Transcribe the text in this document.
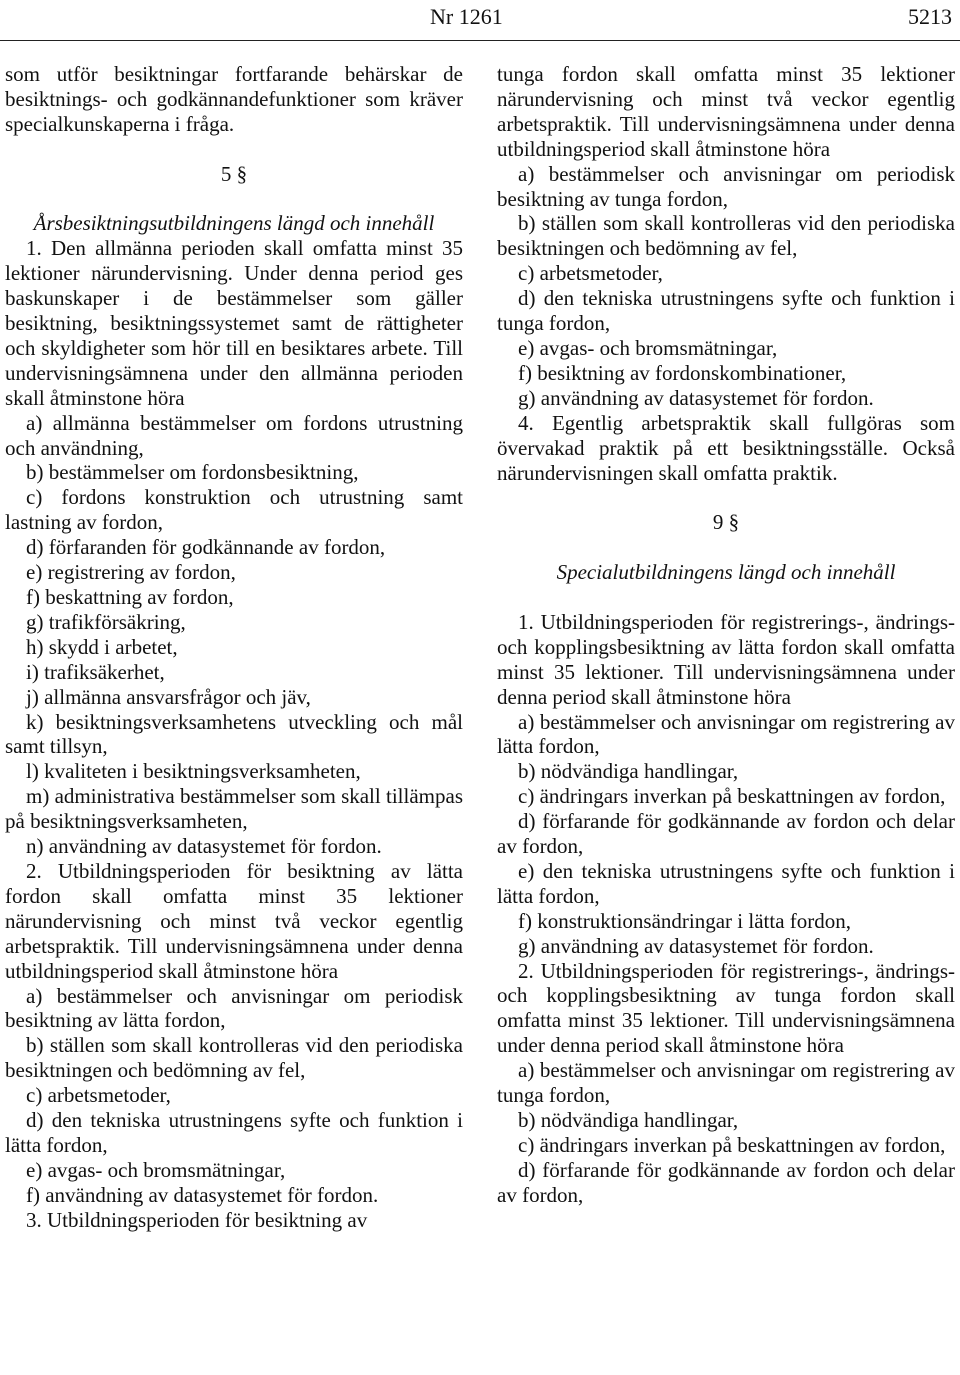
Nr 1261	5213

som utför besiktningar fortfarande behärskar de besiktnings- och godkännandefunktioner som kräver specialkunskaperna i fråga.

5 §

Årsbesiktningsutbildningens längd och innehåll

1. Den allmänna perioden skall omfatta minst 35 lektioner närundervisning. Under denna period ges baskunskaper i de bestämmelser som gäller besiktning, besiktningssystemet samt de rättigheter och skyldigheter som hör till en besiktares arbete. Till undervisningsämnena under den allmänna perioden skall åtminstone höra

a) allmänna bestämmelser om fordons utrustning och användning,

b) bestämmelser om fordonsbesiktning,

c) fordons konstruktion och utrustning samt lastning av fordon,

d) förfaranden för godkännande av fordon,

e) registrering av fordon,

f) beskattning av fordon,

g) trafikförsäkring,

h) skydd i arbetet,

i) trafiksäkerhet,

j) allmänna ansvarsfrågor och jäv,

k) besiktningsverksamhetens utveckling och mål samt tillsyn,

l) kvaliteten i besiktningsverksamheten,

m) administrativa bestämmelser som skall tillämpas på besiktningsverksamheten,

n) användning av datasystemet för fordon.

2. Utbildningsperioden för besiktning av lätta fordon skall omfatta minst 35 lektioner närundervisning och minst två veckor egentlig arbetspraktik. Till undervisningsämnena under denna utbildningsperiod skall åtminstone höra

a) bestämmelser och anvisningar om periodisk besiktning av lätta fordon,

b) ställen som skall kontrolleras vid den periodiska besiktningen och bedömning av fel,

c) arbetsmetoder,

d) den tekniska utrustningens syfte och funktion i lätta fordon,

e) avgas- och bromsmätningar,

f) användning av datasystemet för fordon.

3. Utbildningsperioden för besiktning av

tunga fordon skall omfatta minst 35 lektioner närundervisning och minst två veckor egentlig arbetspraktik. Till undervisningsämnena under denna utbildningsperiod skall åtminstone höra

a) bestämmelser och anvisningar om periodisk besiktning av tunga fordon,

b) ställen som skall kontrolleras vid den periodiska besiktningen och bedömning av fel,

c) arbetsmetoder,

d) den tekniska utrustningens syfte och funktion i tunga fordon,

e) avgas- och bromsmätningar,

f) besiktning av fordonskombinationer,

g) användning av datasystemet för fordon.

4. Egentlig arbetspraktik skall fullgöras som övervakad praktik på ett besiktningsställe. Också närundervisningen skall omfatta praktik.

9 §

Specialutbildningens längd och innehåll

1. Utbildningsperioden för registrerings-, ändrings- och kopplingsbesiktning av lätta fordon skall omfatta minst 35 lektioner. Till undervisningsämnena under denna period skall åtminstone höra

a) bestämmelser och anvisningar om registrering av lätta fordon,

b) nödvändiga handlingar,

c) ändringars inverkan på beskattningen av fordon,

d) förfarande för godkännande av fordon och delar av fordon,

e) den tekniska utrustningens syfte och funktion i lätta fordon,

f) konstruktionsändringar i lätta fordon,

g) användning av datasystemet för fordon.

2. Utbildningsperioden för registrerings-, ändrings- och kopplingsbesiktning av tunga fordon skall omfatta minst 35 lektioner. Till undervisningsämnena under denna period skall åtminstone höra

a) bestämmelser och anvisningar om registrering av tunga fordon,

b) nödvändiga handlingar,

c) ändringars inverkan på beskattningen av fordon,

d) förfarande för godkännande av fordon och delar av fordon,
